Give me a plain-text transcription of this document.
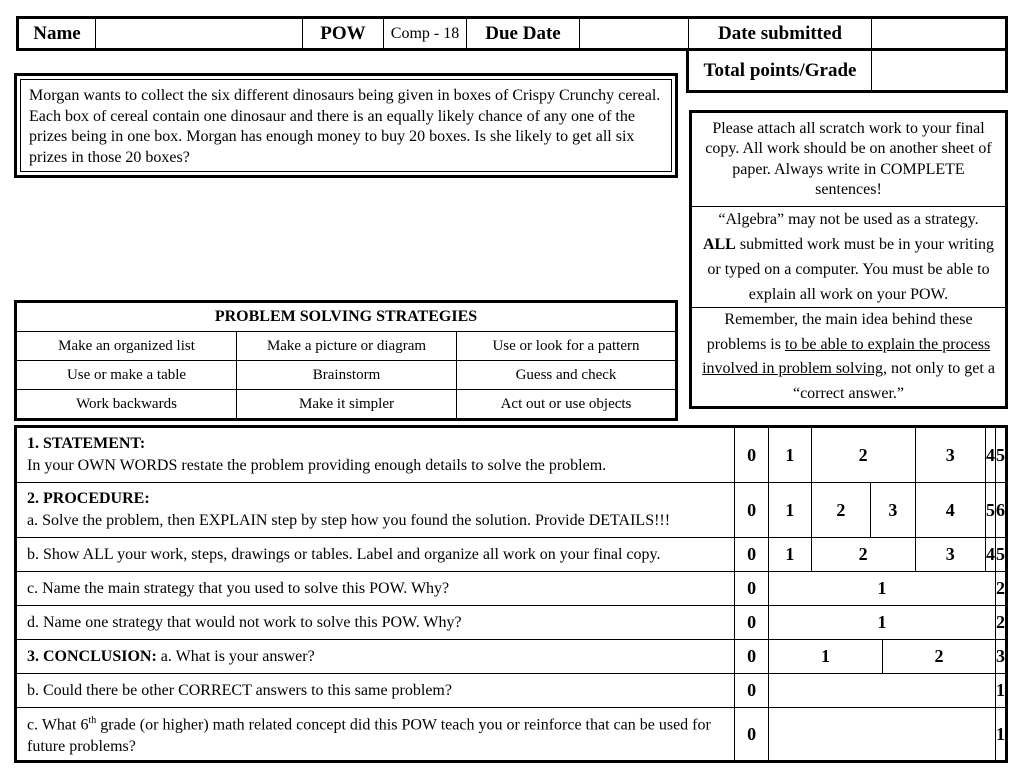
Name		POW	Comp - 18	Due Date		Date submitted	
Total points/Grade	
Morgan wants to collect the six different dinosaurs being given in boxes of Crispy Crunchy cereal. Each box of cereal contain one dinosaur and there is an equally likely chance of any one of the prizes being in one box. Morgan has enough money to buy 20 boxes. Is she likely to get all six prizes in those 20 boxes?
Please attach all scratch work to your final copy. All work should be on another sheet of paper. Always write in COMPLETE sentences!
“Algebra” may not be used as a strategy. ALL submitted work must be in your writing or typed on a computer. You must be able to explain all work on your POW.
Remember, the main idea behind these problems is to be able to explain the process involved in problem solving, not only to get a “correct answer.”
PROBLEM SOLVING STRATEGIES		
Make an organized list	Make a picture or diagram	Use or look for a pattern
Use or make a table	Brainstorm	Guess and check
Work backwards	Make it simpler	Act out or use objects
1. STATEMENT:
In your OWN WORDS restate the problem providing enough details to solve the problem.	0	1	2			3	4	5
2. PROCEDURE:
a. Solve the problem, then EXPLAIN step by step how you found the solution. Provide DETAILS!!!	0	1	2	3		4	5	6
b. Show ALL your work, steps, drawings or tables. Label and organize all work on your final copy.	0	1	2			3	4	5
c. Name the main strategy that you used to solve this POW. Why?	0	1						2
d. Name one strategy that would not work to solve this POW. Why?	0	1						2
3. CONCLUSION: a. What is your answer?	0	1			2			3
b. Could there be other CORRECT answers to this same problem?	0							1
c. What 6th grade (or higher) math related concept did this POW teach you or reinforce that can be used for future problems?	0							1
